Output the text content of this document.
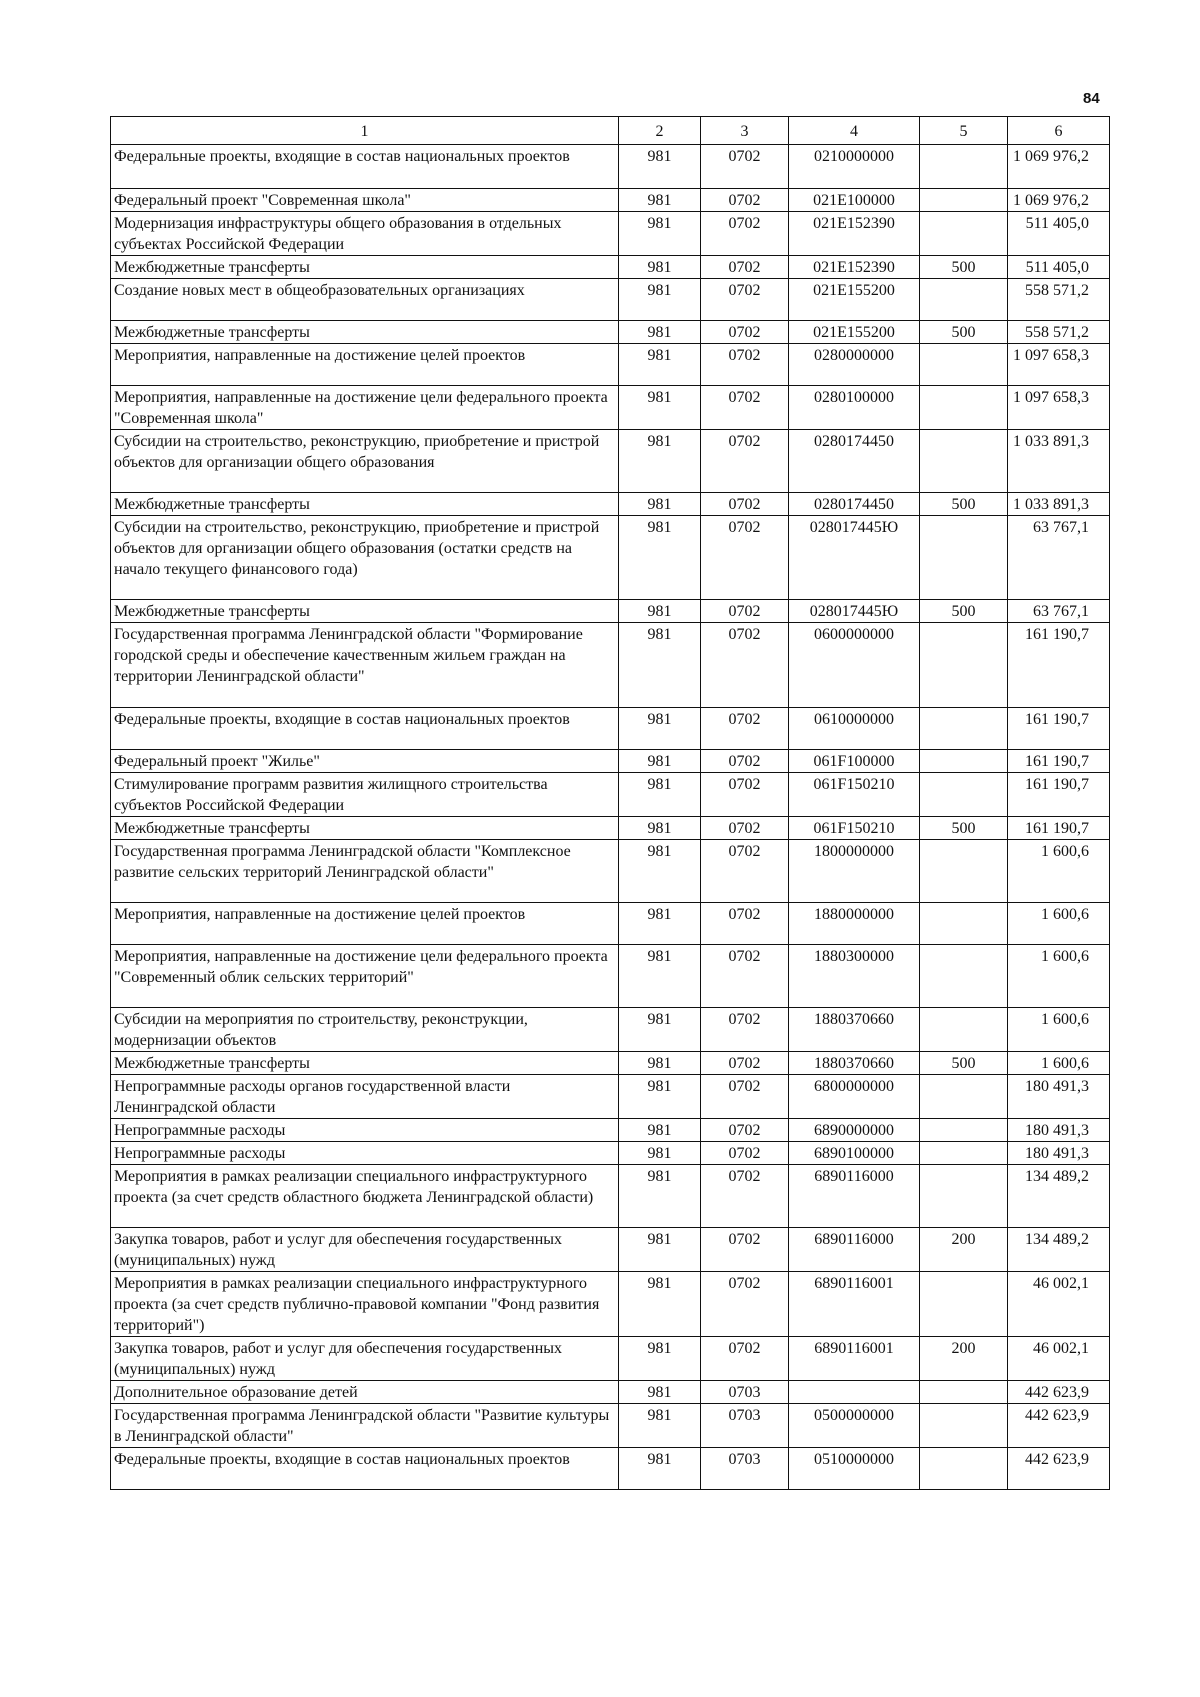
84
1	2	3	4	5	6
Федеральные проекты, входящие в состав национальных проектов	981	0702	0210000000		1 069 976,2
Федеральный проект "Современная школа"	981	0702	021Е100000		1 069 976,2
Модернизация инфраструктуры общего образования в отдельных субъектах Российской Федерации	981	0702	021Е152390		511 405,0
Межбюджетные трансферты	981	0702	021Е152390	500	511 405,0
Создание новых мест в общеобразовательных организациях	981	0702	021Е155200		558 571,2
Межбюджетные трансферты	981	0702	021Е155200	500	558 571,2
Мероприятия, направленные на достижение целей проектов	981	0702	0280000000		1 097 658,3
Мероприятия, направленные на достижение цели федерального проекта "Современная школа"	981	0702	0280100000		1 097 658,3
Субсидии на строительство, реконструкцию, приобретение и пристрой объектов для организации общего образования	981	0702	0280174450		1 033 891,3
Межбюджетные трансферты	981	0702	0280174450	500	1 033 891,3
Субсидии на строительство, реконструкцию, приобретение и пристрой объектов для организации общего образования (остатки средств на начало текущего финансового года)	981	0702	028017445Ю		63 767,1
Межбюджетные трансферты	981	0702	028017445Ю	500	63 767,1
Государственная программа Ленинградской области "Формирование городской среды и обеспечение качественным жильем граждан на территории Ленинградской области"	981	0702	0600000000		161 190,7
Федеральные проекты, входящие в состав национальных проектов	981	0702	0610000000		161 190,7
Федеральный проект "Жилье"	981	0702	061F100000		161 190,7
Стимулирование программ развития жилищного строительства субъектов Российской Федерации	981	0702	061F150210		161 190,7
Межбюджетные трансферты	981	0702	061F150210	500	161 190,7
Государственная программа Ленинградской области "Комплексное развитие сельских территорий Ленинградской области"	981	0702	1800000000		1 600,6
Мероприятия, направленные на достижение целей проектов	981	0702	1880000000		1 600,6
Мероприятия, направленные на достижение цели федерального проекта "Современный облик сельских территорий"	981	0702	1880300000		1 600,6
Субсидии на мероприятия по строительству, реконструкции, модернизации объектов	981	0702	1880370660		1 600,6
Межбюджетные трансферты	981	0702	1880370660	500	1 600,6
Непрограммные расходы органов государственной власти Ленинградской области	981	0702	6800000000		180 491,3
Непрограммные расходы	981	0702	6890000000		180 491,3
Непрограммные расходы	981	0702	6890100000		180 491,3
Мероприятия в рамках реализации специального инфраструктурного проекта (за счет средств областного бюджета Ленинградской области)	981	0702	6890116000		134 489,2
Закупка товаров, работ и услуг для обеспечения государственных (муниципальных) нужд	981	0702	6890116000	200	134 489,2
Мероприятия в рамках реализации специального инфраструктурного проекта (за счет средств публично-правовой компании "Фонд развития территорий")	981	0702	6890116001		46 002,1
Закупка товаров, работ и услуг для обеспечения государственных (муниципальных) нужд	981	0702	6890116001	200	46 002,1
Дополнительное образование детей	981	0703			442 623,9
Государственная программа Ленинградской области "Развитие культуры в Ленинградской области"	981	0703	0500000000		442 623,9
Федеральные проекты, входящие в состав национальных проектов	981	0703	0510000000		442 623,9
